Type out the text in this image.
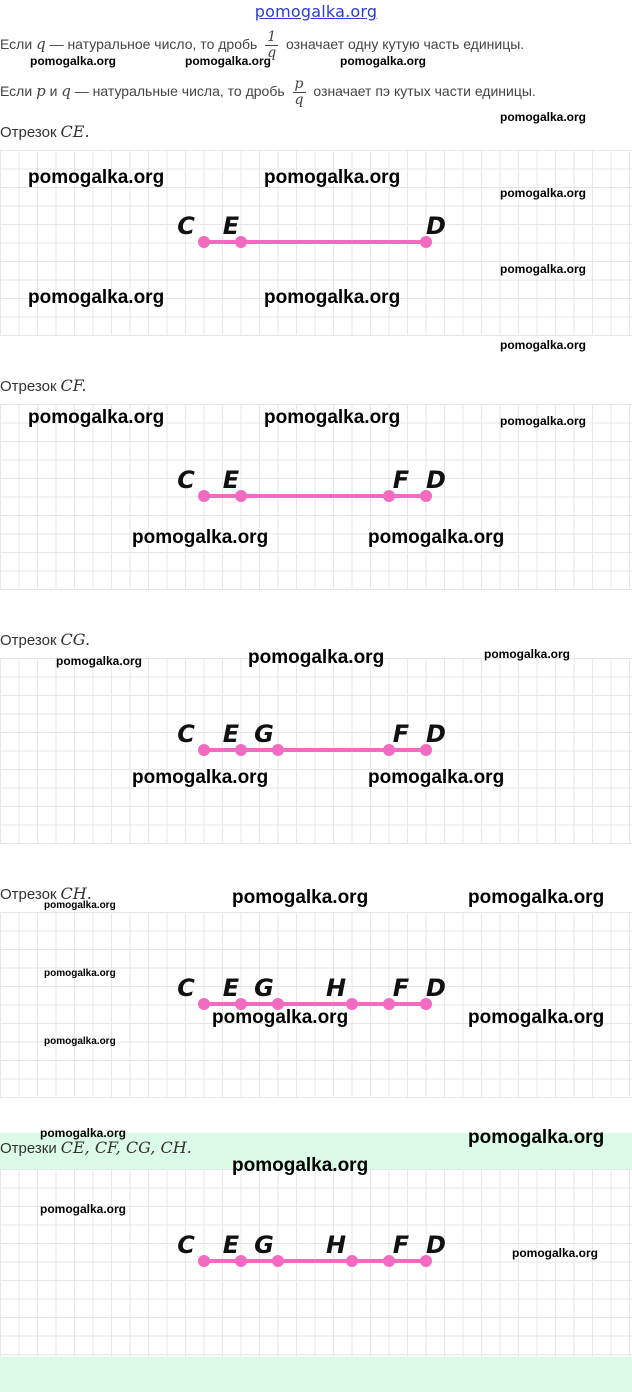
pomogalka.org
Если q — натуральное число, то дробь $\frac{1}{q}$ означает одну кутую часть единицы.
Если p и q — натуральные числа, то дробь $\frac{p}{q}$ означает пэ кутых части единицы.
Отрезок CE.
C E	D
Отрезок CF.
C E	F D
Отрезок CG.
C E G	F D
Отрезок CH.
C E G H F D
Отрезки CE, CF, CG, CH.
C E G H F D
pomogalka.org	pomogalka.org	pomogalka.org
pomogalka.org
pomogalka.org	pomogalka.org
pomogalka.org
pomogalka.org
pomogalka.org	pomogalka.org
pomogalka.org
pomogalka.org	pomogalka.org	pomogalka.org
pomogalka.org	pomogalka.org
pomogalka.org	pomogalka.org	pomogalka.org
pomogalka.org	pomogalka.org
pomogalka.org	pomogalka.org	pomogalka.org
pomogalka.org
pomogalka.org	pomogalka.org
pomogalka.org
pomogalka.org	pomogalka.org
pomogalka.org
pomogalka.org
pomogalka.org
